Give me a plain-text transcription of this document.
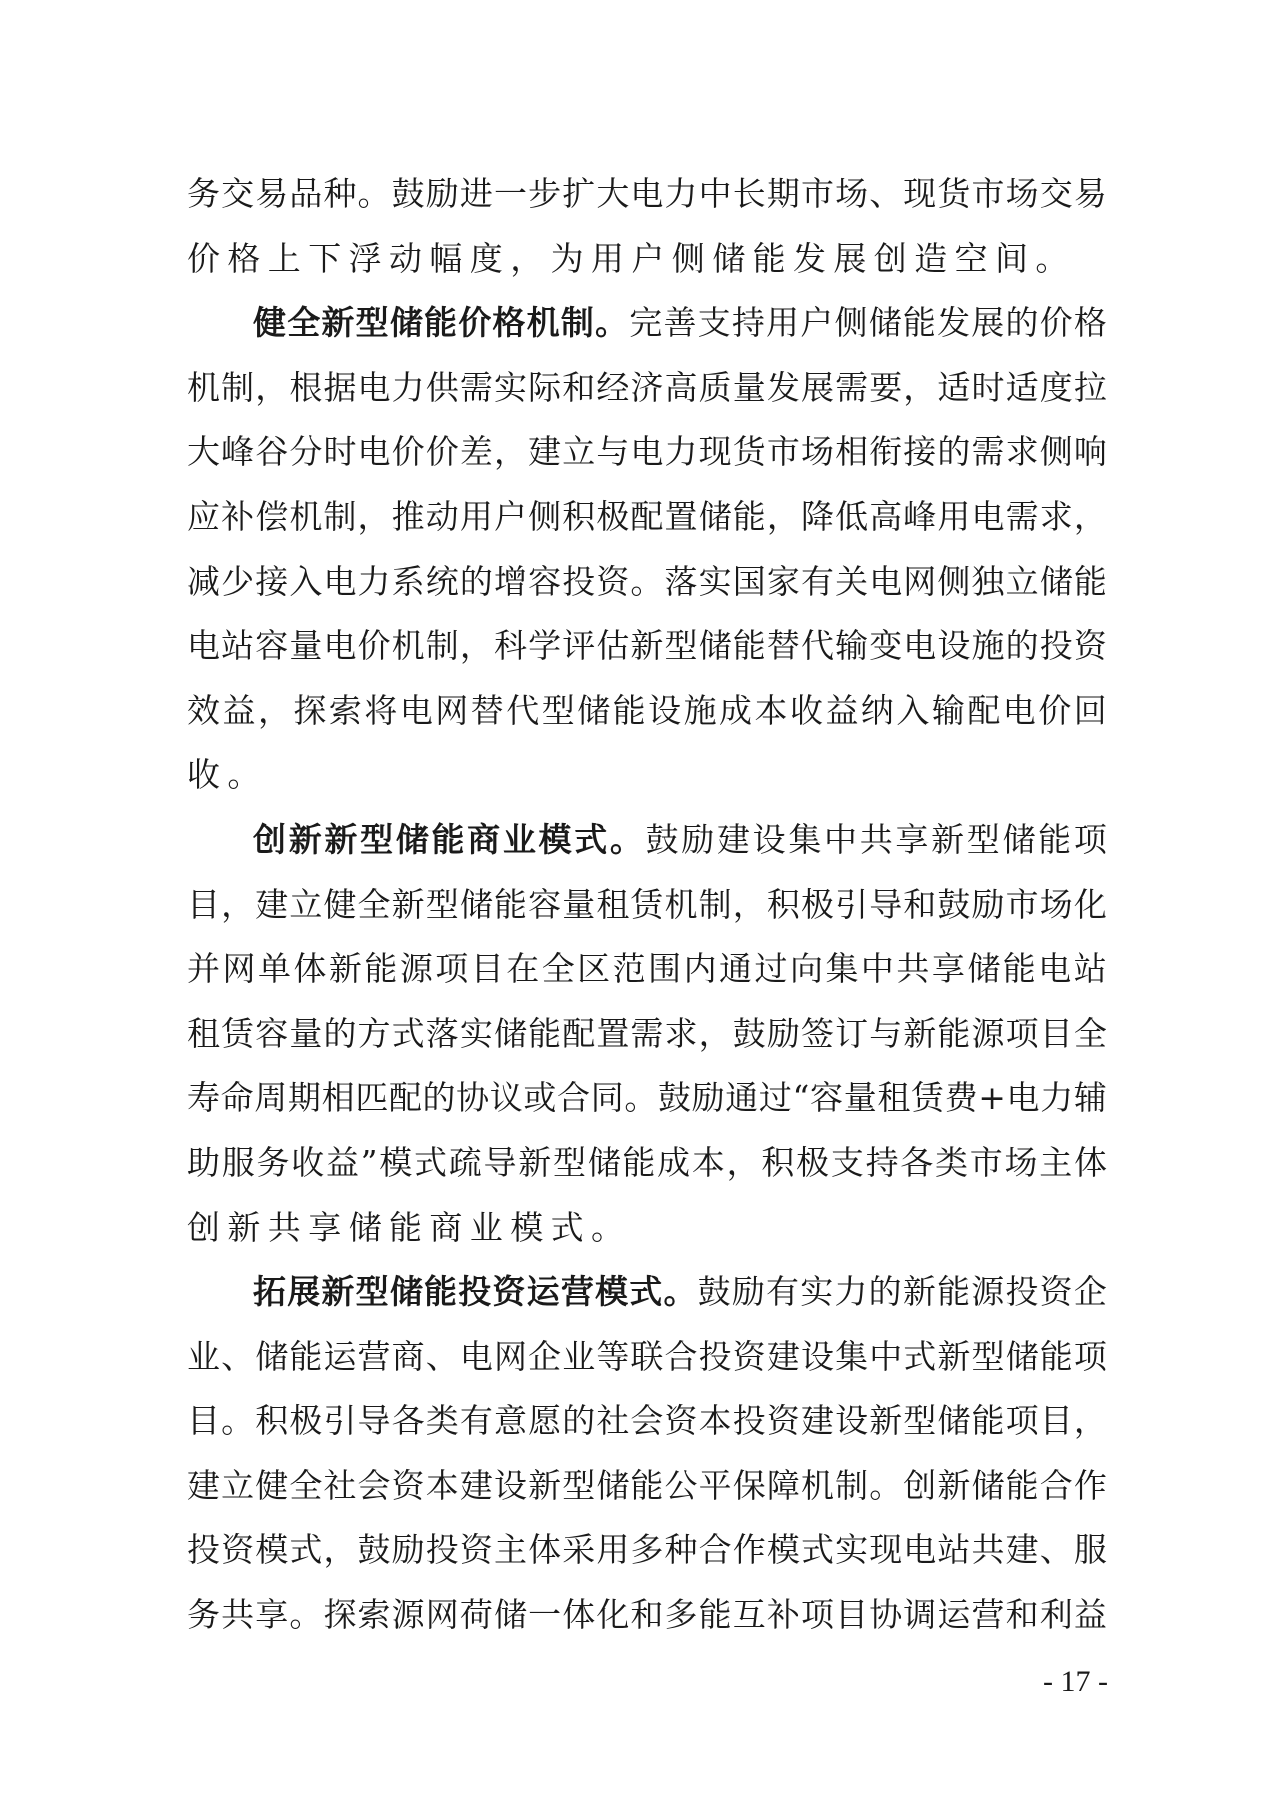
务 交 易 品 种 。 鼓 励 进 一 步 扩 大 电 力 中 长 期 市 场 、 现 货 市 场 交 易
价格上下浮动幅度，为用户侧储能发展创造空间。
健 全 新 型 储 能 价 格 机 制 。 完 善 支 持 用 户 侧 储 能 发 展 的 价 格
机 制 ， 根 据 电 力 供 需 实 际 和 经 济 高 质 量 发 展 需 要 ， 适 时 适 度 拉
大 峰 谷 分 时 电 价 价 差 ， 建 立 与 电 力 现 货 市 场 相 衔 接 的 需 求 侧 响
应 补 偿 机 制 ， 推 动 用 户 侧 积 极 配 置 储 能 ， 降 低 高 峰 用 电 需 求 ，
减 少 接 入 电 力 系 统 的 增 容 投 资 。 落 实 国 家 有 关 电 网 侧 独 立 储 能
电 站 容 量 电 价 机 制 ， 科 学 评 估 新 型 储 能 替 代 输 变 电 设 施 的 投 资
效 益 ， 探 索 将 电 网 替 代 型 储 能 设 施 成 本 收 益 纳 入 输 配 电 价 回
收。
创 新 新 型 储 能 商 业 模 式 。 鼓 励 建 设 集 中 共 享 新 型 储 能 项
目 ， 建 立 健 全 新 型 储 能 容 量 租 赁 机 制 ， 积 极 引 导 和 鼓 励 市 场 化
并 网 单 体 新 能 源 项 目 在 全 区 范 围 内 通 过 向 集 中 共 享 储 能 电 站
租 赁 容 量 的 方 式 落 实 储 能 配 置 需 求 ， 鼓 励 签 订 与 新 能 源 项 目 全
寿 命 周 期 相 匹 配 的 协 议 或 合 同 。 鼓 励 通 过 “ 容 量 租 赁 费 + 电 力 辅
助 服 务 收 益 ” 模 式 疏 导 新 型 储 能 成 本 ， 积 极 支 持 各 类 市 场 主 体
创新共享储能商业模式。
拓 展 新 型 储 能 投 资 运 营 模 式 。 鼓 励 有 实 力 的 新 能 源 投 资 企
业 、 储 能 运 营 商 、 电 网 企 业 等 联 合 投 资 建 设 集 中 式 新 型 储 能 项
目 。 积 极 引 导 各 类 有 意 愿 的 社 会 资 本 投 资 建 设 新 型 储 能 项 目 ，
建 立 健 全 社 会 资 本 建 设 新 型 储 能 公 平 保 障 机 制 。 创 新 储 能 合 作
投 资 模 式 ， 鼓 励 投 资 主 体 采 用 多 种 合 作 模 式 实 现 电 站 共 建 、 服
务 共 享 。 探 索 源 网 荷 储 一 体 化 和 多 能 互 补 项 目 协 调 运 营 和 利 益
- 17 -
